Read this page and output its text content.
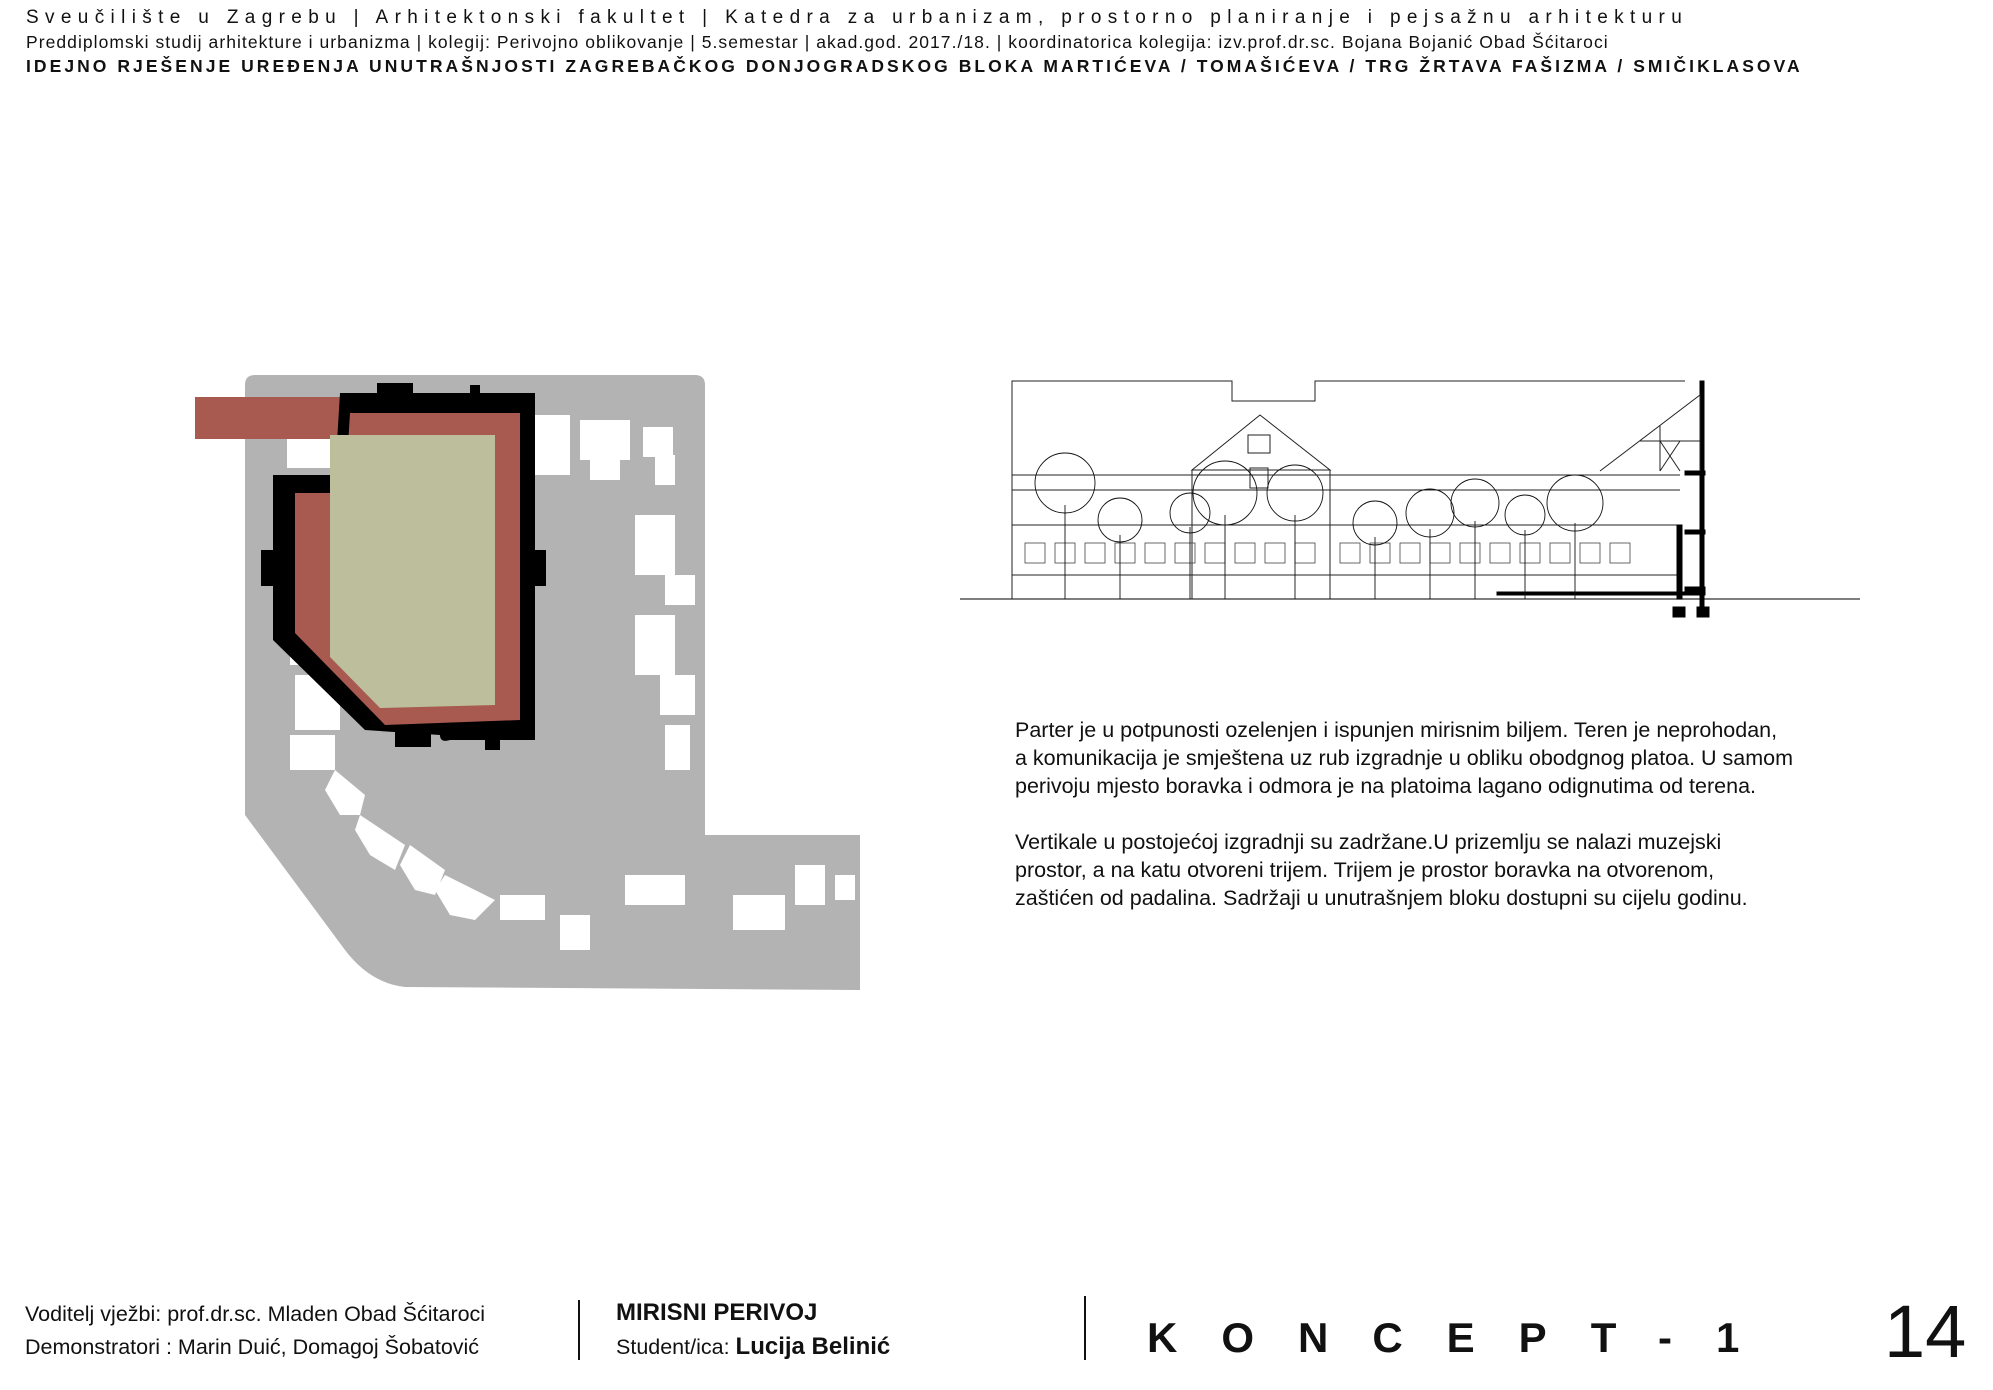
Sveučilište u Zagrebu | Arhitektonski fakultet | Katedra za urbanizam, prostorno planiranje i pejsažnu arhitekturu
Preddiplomski studij arhitekture i urbanizma | kolegij: Perivojno oblikovanje | 5.semestar | akad.god. 2017./18. | koordinatorica kolegija: izv.prof.dr.sc. Bojana Bojanić Obad Šćitaroci
IDEJNO RJEŠENJE UREĐENJA UNUTRAŠNJOSTI ZAGREBAČKOG DONJOGRADSKOG BLOKA MARTIĆEVA / TOMAŠIĆEVA / TRG ŽRTAVA FAŠIZMA / SMIČIKLASOVA

Parter je u potpunosti ozelenjen i ispunjen mirisnim biljem. Teren je neprohodan, a komunikacija je smještena uz rub izgradnje u obliku obodgnog platoa. U samom perivoju mjesto boravka i odmora je na platoima lagano odignutima od terena.

Vertikale u postojećoj izgradnji su zadržane.U prizemlju se nalazi muzejski prostor, a na katu otvoreni trijem. Trijem je prostor boravka na otvorenom, zaštićen od padalina. Sadržaji u unutrašnjem bloku dostupni su cijelu godinu.

Voditelj vježbi: prof.dr.sc. Mladen Obad Šćitaroci
Demonstratori : Marin Duić, Domagoj Šobatović
MIRISNI PERIVOJ
Student/ica: Lucija Belinić	KONCEPT-1 14
